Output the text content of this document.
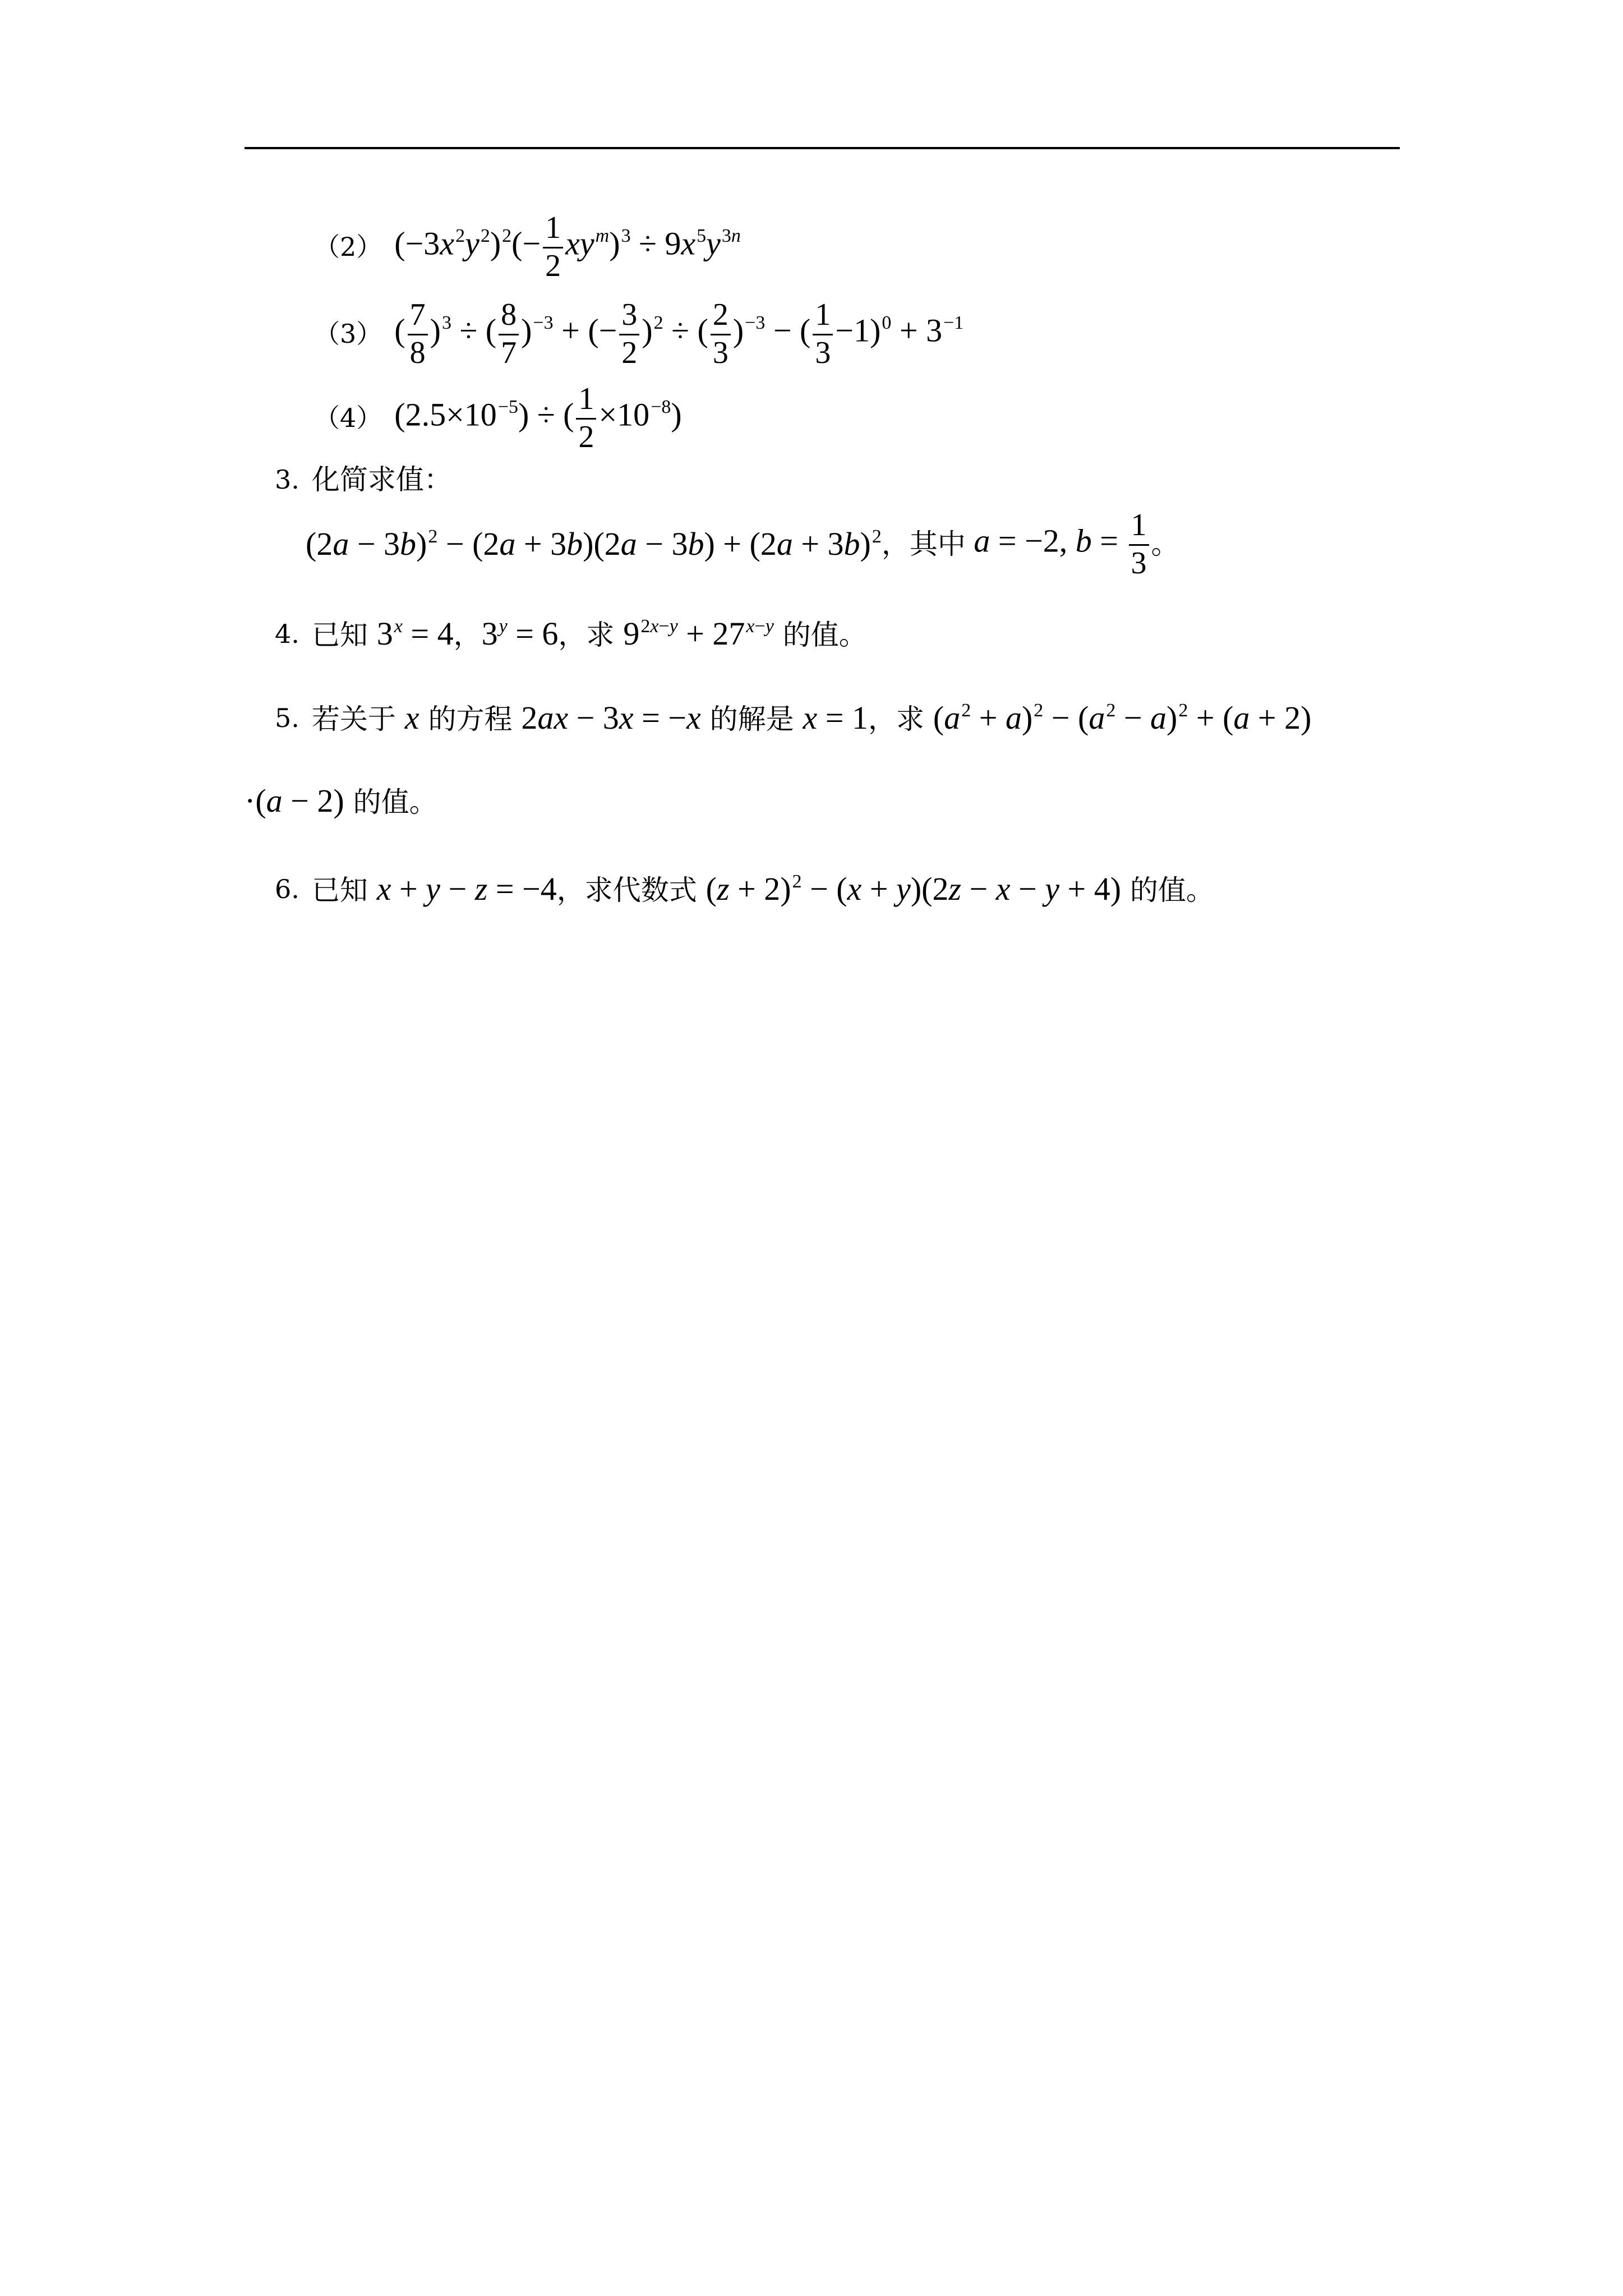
（2） $(-3x^2y^2)^2(- \frac{1}{2} xy^m)^3 \div 9x^5y^{3n}$
（3） ( $\frac{7}{8} )^3$ ÷ ( $\frac{8}{7} )^{-3}$ + (− $\frac{3}{2} )^2$ ÷ ( $\frac{2}{3} )^{-3}$ − ( $\frac{1}{3} -1)^0 + 3^{-1}$
（4） $(2.5\times 10^{-5})$ ÷ ( $\frac{1}{2} \times 10^{-8}$)
3. 化简求值：
$(2a - 3b)^2 - (2a + 3b)(2a - 3b) + (2a + 3b)^2$ ，其中 a = −2, $b = \frac{1}{3}$ 。
4. 已知 $3^x = 4$，$3^y = 6$，求 $9^{2x-y} + 27^{x-y}$ 的值。
5. 若关于 x 的方程 2ax − 3x = −x 的解是 x = 1，求 $(a^2 + a)^2 - (a^2 - a)^2 + (a + 2)$
·(a − 2) 的值。
6. 已知 x + y − z = −4，求代数式 $(z + 2)^2 - (x + y)(2z - x - y + 4)$ 的值。
